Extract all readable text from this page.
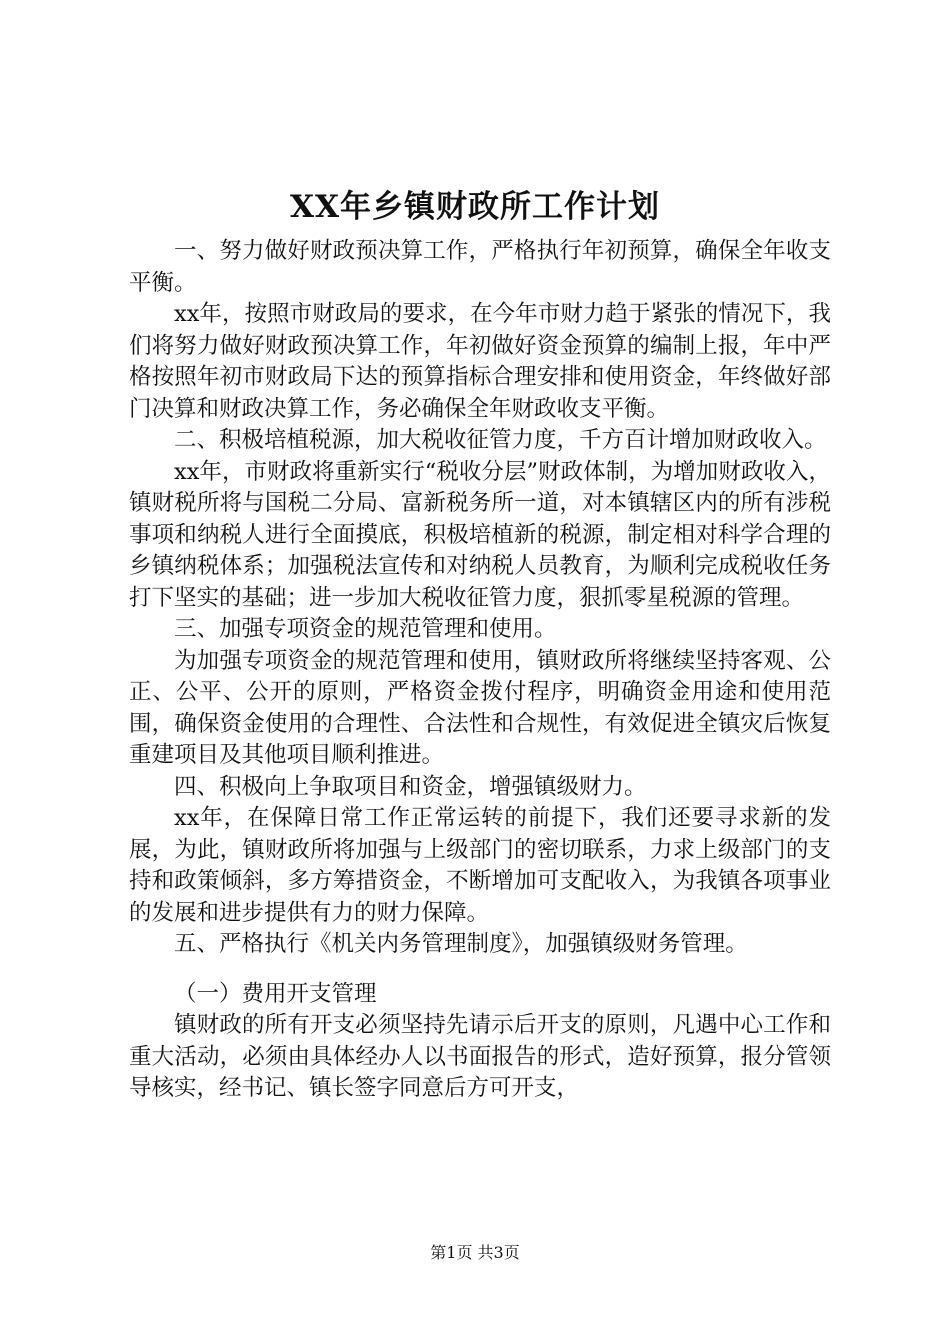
XX年乡镇财政所工作计划

一、努力做好财政预决算工作，严格执行年初预算，确保全年收支平衡。

xx年，按照市财政局的要求，在今年市财力趋于紧张的情况下，我们将努力做好财政预决算工作，年初做好资金预算的编制上报，年中严格按照年初市财政局下达的预算指标合理安排和使用资金，年终做好部门决算和财政决算工作，务必确保全年财政收支平衡。

二、积极培植税源，加大税收征管力度，千方百计增加财政收入。

xx年，市财政将重新实行“税收分层”财政体制，为增加财政收入，镇财税所将与国税二分局、富新税务所一道，对本镇辖区内的所有涉税事项和纳税人进行全面摸底，积极培植新的税源，制定相对科学合理的乡镇纳税体系；加强税法宣传和对纳税人员教育，为顺利完成税收任务打下坚实的基础；进一步加大税收征管力度，狠抓零星税源的管理。

三、加强专项资金的规范管理和使用。

为加强专项资金的规范管理和使用，镇财政所将继续坚持客观、公正、公平、公开的原则，严格资金拨付程序，明确资金用途和使用范围，确保资金使用的合理性、合法性和合规性，有效促进全镇灾后恢复重建项目及其他项目顺利推进。

四、积极向上争取项目和资金，增强镇级财力。

xx年，在保障日常工作正常运转的前提下，我们还要寻求新的发展，为此，镇财政所将加强与上级部门的密切联系，力求上级部门的支持和政策倾斜，多方筹措资金，不断增加可支配收入，为我镇各项事业的发展和进步提供有力的财力保障。

五、严格执行《机关内务管理制度》，加强镇级财务管理。

（一）费用开支管理

镇财政的所有开支必须坚持先请示后开支的原则，凡遇中心工作和重大活动，必须由具体经办人以书面报告的形式，造好预算，报分管领导核实，经书记、镇长签字同意后方可开支，

第1页 共3页
